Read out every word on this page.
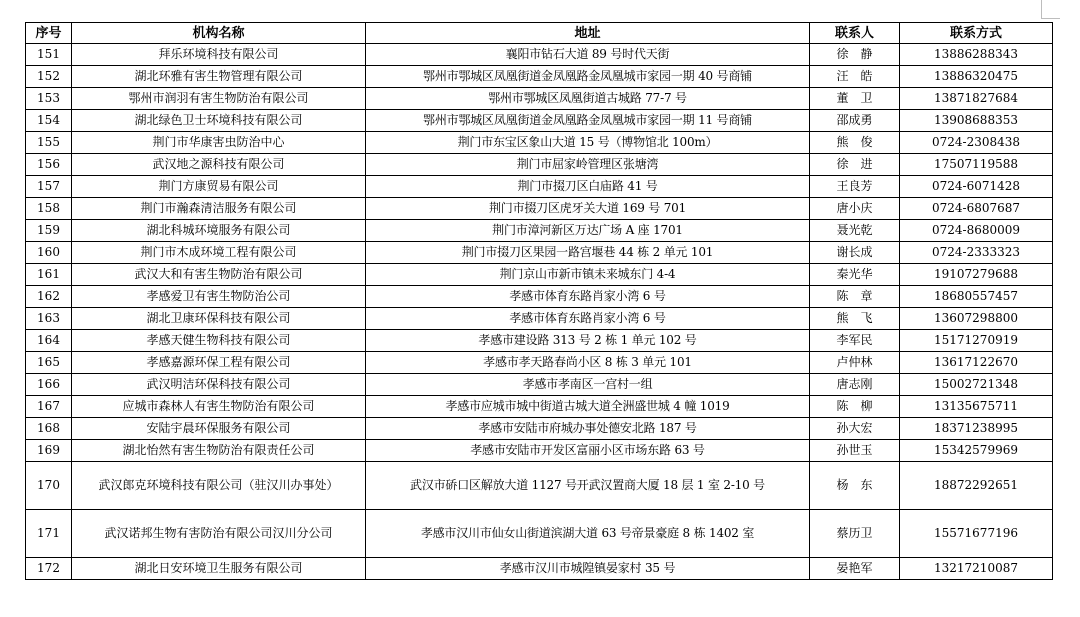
序号	机构名称	地址	联系人	联系方式
151	拜乐环境科技有限公司	襄阳市钻石大道 89 号时代天街	徐　静	13886288343
152	湖北环雅有害生物管理有限公司	鄂州市鄂城区凤凰街道金凤凰路金凤凰城市家园一期 40 号商铺	汪　皓	13886320475
153	鄂州市润羽有害生物防治有限公司	鄂州市鄂城区凤凰街道古城路 77-7 号	董　卫	13871827684
154	湖北绿色卫士环境科技有限公司	鄂州市鄂城区凤凰街道金凤凰路金凤凰城市家园一期 11 号商铺	邵成勇	13908688353
155	荆门市华康害虫防治中心	荆门市东宝区象山大道 15 号（博物馆北 100m）	熊　俊	0724-2308438
156	武汉地之源科技有限公司	荆门市屈家岭管理区张塘湾	徐　进	17507119588
157	荆门方康贸易有限公司	荆门市掇刀区白庙路 41 号	王良芳	0724-6071428
158	荆门市瀚森清洁服务有限公司	荆门市掇刀区虎牙关大道 169 号 701	唐小庆	0724-6807687
159	湖北科城环境服务有限公司	荆门市漳河新区万达广场 A 座 1701	聂光乾	0724-8680009
160	荆门市木成环境工程有限公司	荆门市掇刀区果园一路宫堰巷 44 栋 2 单元 101	谢长成	0724-2333323
161	武汉大和有害生物防治有限公司	荆门京山市新市镇未来城东门 4-4	秦光华	19107279688
162	孝感爱卫有害生物防治公司	孝感市体育东路肖家小湾 6 号	陈　章	18680557457
163	湖北卫康环保科技有限公司	孝感市体育东路肖家小湾 6 号	熊　飞	13607298800
164	孝感天健生物科技有限公司	孝感市建设路 313 号 2 栋 1 单元 102 号	李军民	15171270919
165	孝感嘉源环保工程有限公司	孝感市孝天路春尚小区 8 栋 3 单元 101	卢仲林	13617122670
166	武汉明洁环保科技有限公司	孝感市孝南区一宫村一组	唐志刚	15002721348
167	应城市森林人有害生物防治有限公司	孝感市应城市城中街道古城大道全洲盛世城 4 幢 1019	陈　柳	13135675711
168	安陆宇晨环保服务有限公司	孝感市安陆市府城办事处德安北路 187 号	孙大宏	18371238995
169	湖北怡然有害生物防治有限责任公司	孝感市安陆市开发区富丽小区市场东路 63 号	孙世玉	15342579969
170	武汉郎克环境科技有限公司（驻汉川办事处）	武汉市硚口区解放大道 1127 号开武汉置商大厦 18 层 1 室 2-10 号	杨　东	18872292651
171	武汉诺邦生物有害防治有限公司汉川分公司	孝感市汉川市仙女山街道滨湖大道 63 号帝景豪庭 8 栋 1402 室	蔡历卫	15571677196
172	湖北日安环境卫生服务有限公司	孝感市汉川市城隍镇晏家村 35 号	晏艳军	13217210087
